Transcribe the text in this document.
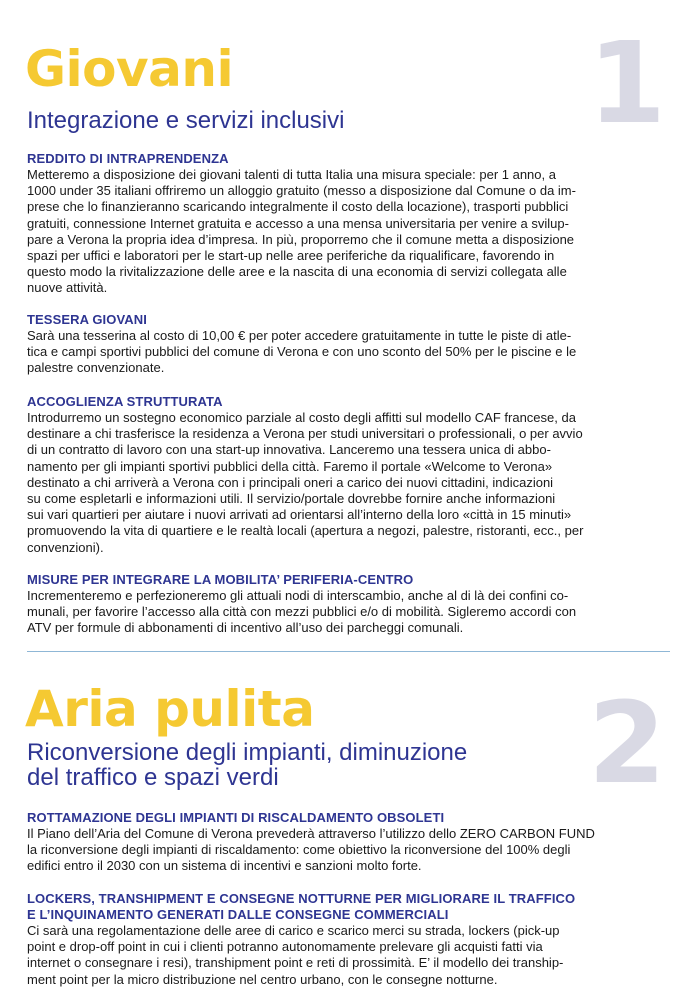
1
Giovani
Integrazione e servizi inclusivi

REDDITO DI INTRAPRENDENZA

Metteremo a disposizione dei giovani talenti di tutta Italia una misura speciale: per 1 anno, a
1000 under 35 italiani offriremo un alloggio gratuito (messo a disposizione dal Comune o da im-
prese che lo finanzieranno scaricando integralmente il costo della locazione), trasporti pubblici
gratuiti, connessione Internet gratuita e accesso a una mensa universitaria per venire a svilup-
pare a Verona la propria idea d’impresa. In più, proporremo che il comune metta a disposizione
spazi per uffici e laboratori per le start-up nelle aree periferiche da riqualificare, favorendo in
questo modo la rivitalizzazione delle aree e la nascita di una economia di servizi collegata alle
nuove attività.

TESSERA GIOVANI

Sarà una tesserina al costo di 10,00 € per poter accedere gratuitamente in tutte le piste di atle-
tica e campi sportivi pubblici del comune di Verona e con uno sconto del 50% per le piscine e le
palestre convenzionate.

ACCOGLIENZA STRUTTURATA

Introdurremo un sostegno economico parziale al costo degli affitti sul modello CAF francese, da
destinare a chi trasferisce la residenza a Verona per studi universitari o professionali, o per avvio
di un contratto di lavoro con una start-up innovativa. Lanceremo una tessera unica di abbo-
namento per gli impianti sportivi pubblici della città. Faremo il portale «Welcome to Verona»
destinato a chi arriverà a Verona con i principali oneri a carico dei nuovi cittadini, indicazioni
su come espletarli e informazioni utili. Il servizio/portale dovrebbe fornire anche informazioni
sui vari quartieri per aiutare i nuovi arrivati ad orientarsi all’interno della loro «città in 15 minuti»
promuovendo la vita di quartiere e le realtà locali (apertura a negozi, palestre, ristoranti, ecc., per
convenzioni).

MISURE PER INTEGRARE LA MOBILITA’ PERIFERIA-CENTRO

Incrementeremo e perfezioneremo gli attuali nodi di interscambio, anche al di là dei confini co-
munali, per favorire l’accesso alla città con mezzi pubblici e/o di mobilità. Sigleremo accordi con
ATV per formule di abbonamenti di incentivo all’uso dei parcheggi comunali.

2
Aria pulita
Riconversione degli impianti, diminuzione
del traffico e spazi verdi

ROTTAMAZIONE DEGLI IMPIANTI DI RISCALDAMENTO OBSOLETI

Il Piano dell’Aria del Comune di Verona prevederà attraverso l’utilizzo dello ZERO CARBON FUND
la riconversione degli impianti di riscaldamento: come obiettivo la riconversione del 100% degli
edifici entro il 2030 con un sistema di incentivi e sanzioni molto forte.

LOCKERS, TRANSHIPMENT E CONSEGNE NOTTURNE PER MIGLIORARE IL TRAFFICO

E L’INQUINAMENTO GENERATI DALLE CONSEGNE COMMERCIALI

Ci sarà una regolamentazione delle aree di carico e scarico merci su strada, lockers (pick-up
point e drop-off point in cui i clienti potranno autonomamente prelevare gli acquisti fatti via
internet o consegnare i resi), transhipment point e reti di prossimità. E’ il modello dei tranship-
ment point per la micro distribuzione nel centro urbano, con le consegne notturne.
